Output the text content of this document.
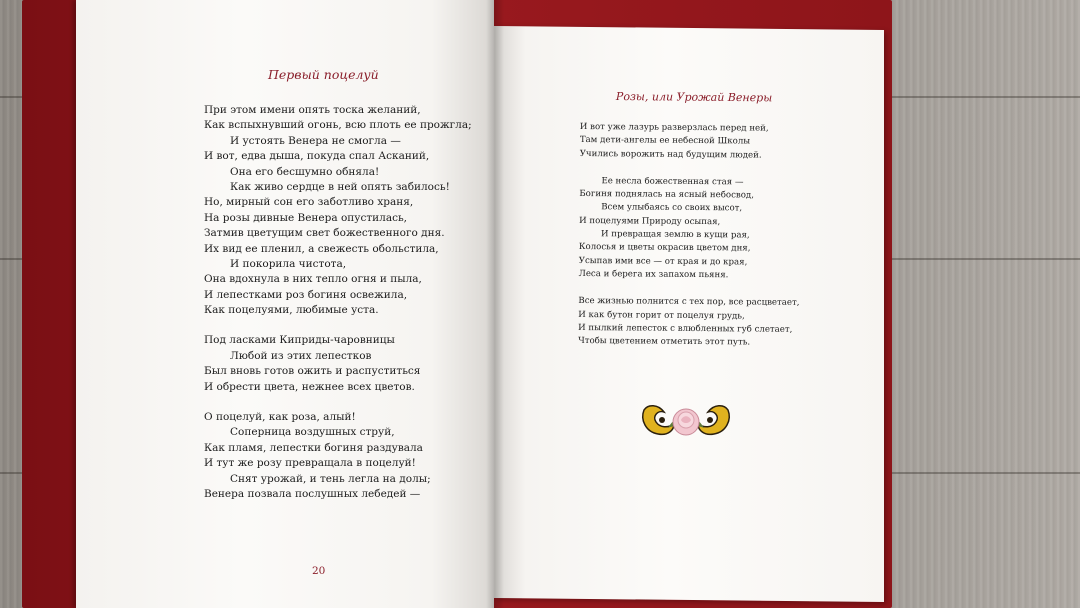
Первый поцелуй
При этом имени опять тоска желаний,
Как вспыхнувший огонь, всю плоть ее прожгла;
И устоять Венера не смогла —
И вот, едва дыша, покуда спал Асканий,
Она его бесшумно обняла!
Как живо сердце в ней опять забилось!
Но, мирный сон его заботливо храня,
На розы дивные Венера опустилась,
Затмив цветущим свет божественного дня.
Их вид ее пленил, а свежесть обольстила,
И покорила чистота,
Она вдохнула в них тепло огня и пыла,
И лепестками роз богиня освежила,
Как поцелуями, любимые уста.
Под ласками Киприды-чаровницы
Любой из этих лепестков
Был вновь готов ожить и распуститься
И обрести цвета, нежнее всех цветов.
О поцелуй, как роза, алый!
Соперница воздушных струй,
Как пламя, лепестки богиня раздувала
И тут же розу превращала в поцелуй!
Снят урожай, и тень легла на долы;
Венера позвала послушных лебедей —
20
Розы, или Урожай Венеры
И вот уже лазурь разверзлась перед ней,
Там дети-ангелы ее небесной Школы
Учились ворожить над будущим людей.
Ее несла божественная стая —
Богиня поднялась на ясный небосвод,
Всем улыбаясь со своих высот,
И поцелуями Природу осыпая,
И превращая землю в кущи рая,
Колосья и цветы окрасив цветом дня,
Усыпав ими все — от края и до края,
Леса и берега их запахом пьяня.
Все жизнью полнится с тех пор, все расцветает,
И как бутон горит от поцелуя грудь,
И пылкий лепесток с влюбленных губ слетает,
Чтобы цветением отметить этот путь.
